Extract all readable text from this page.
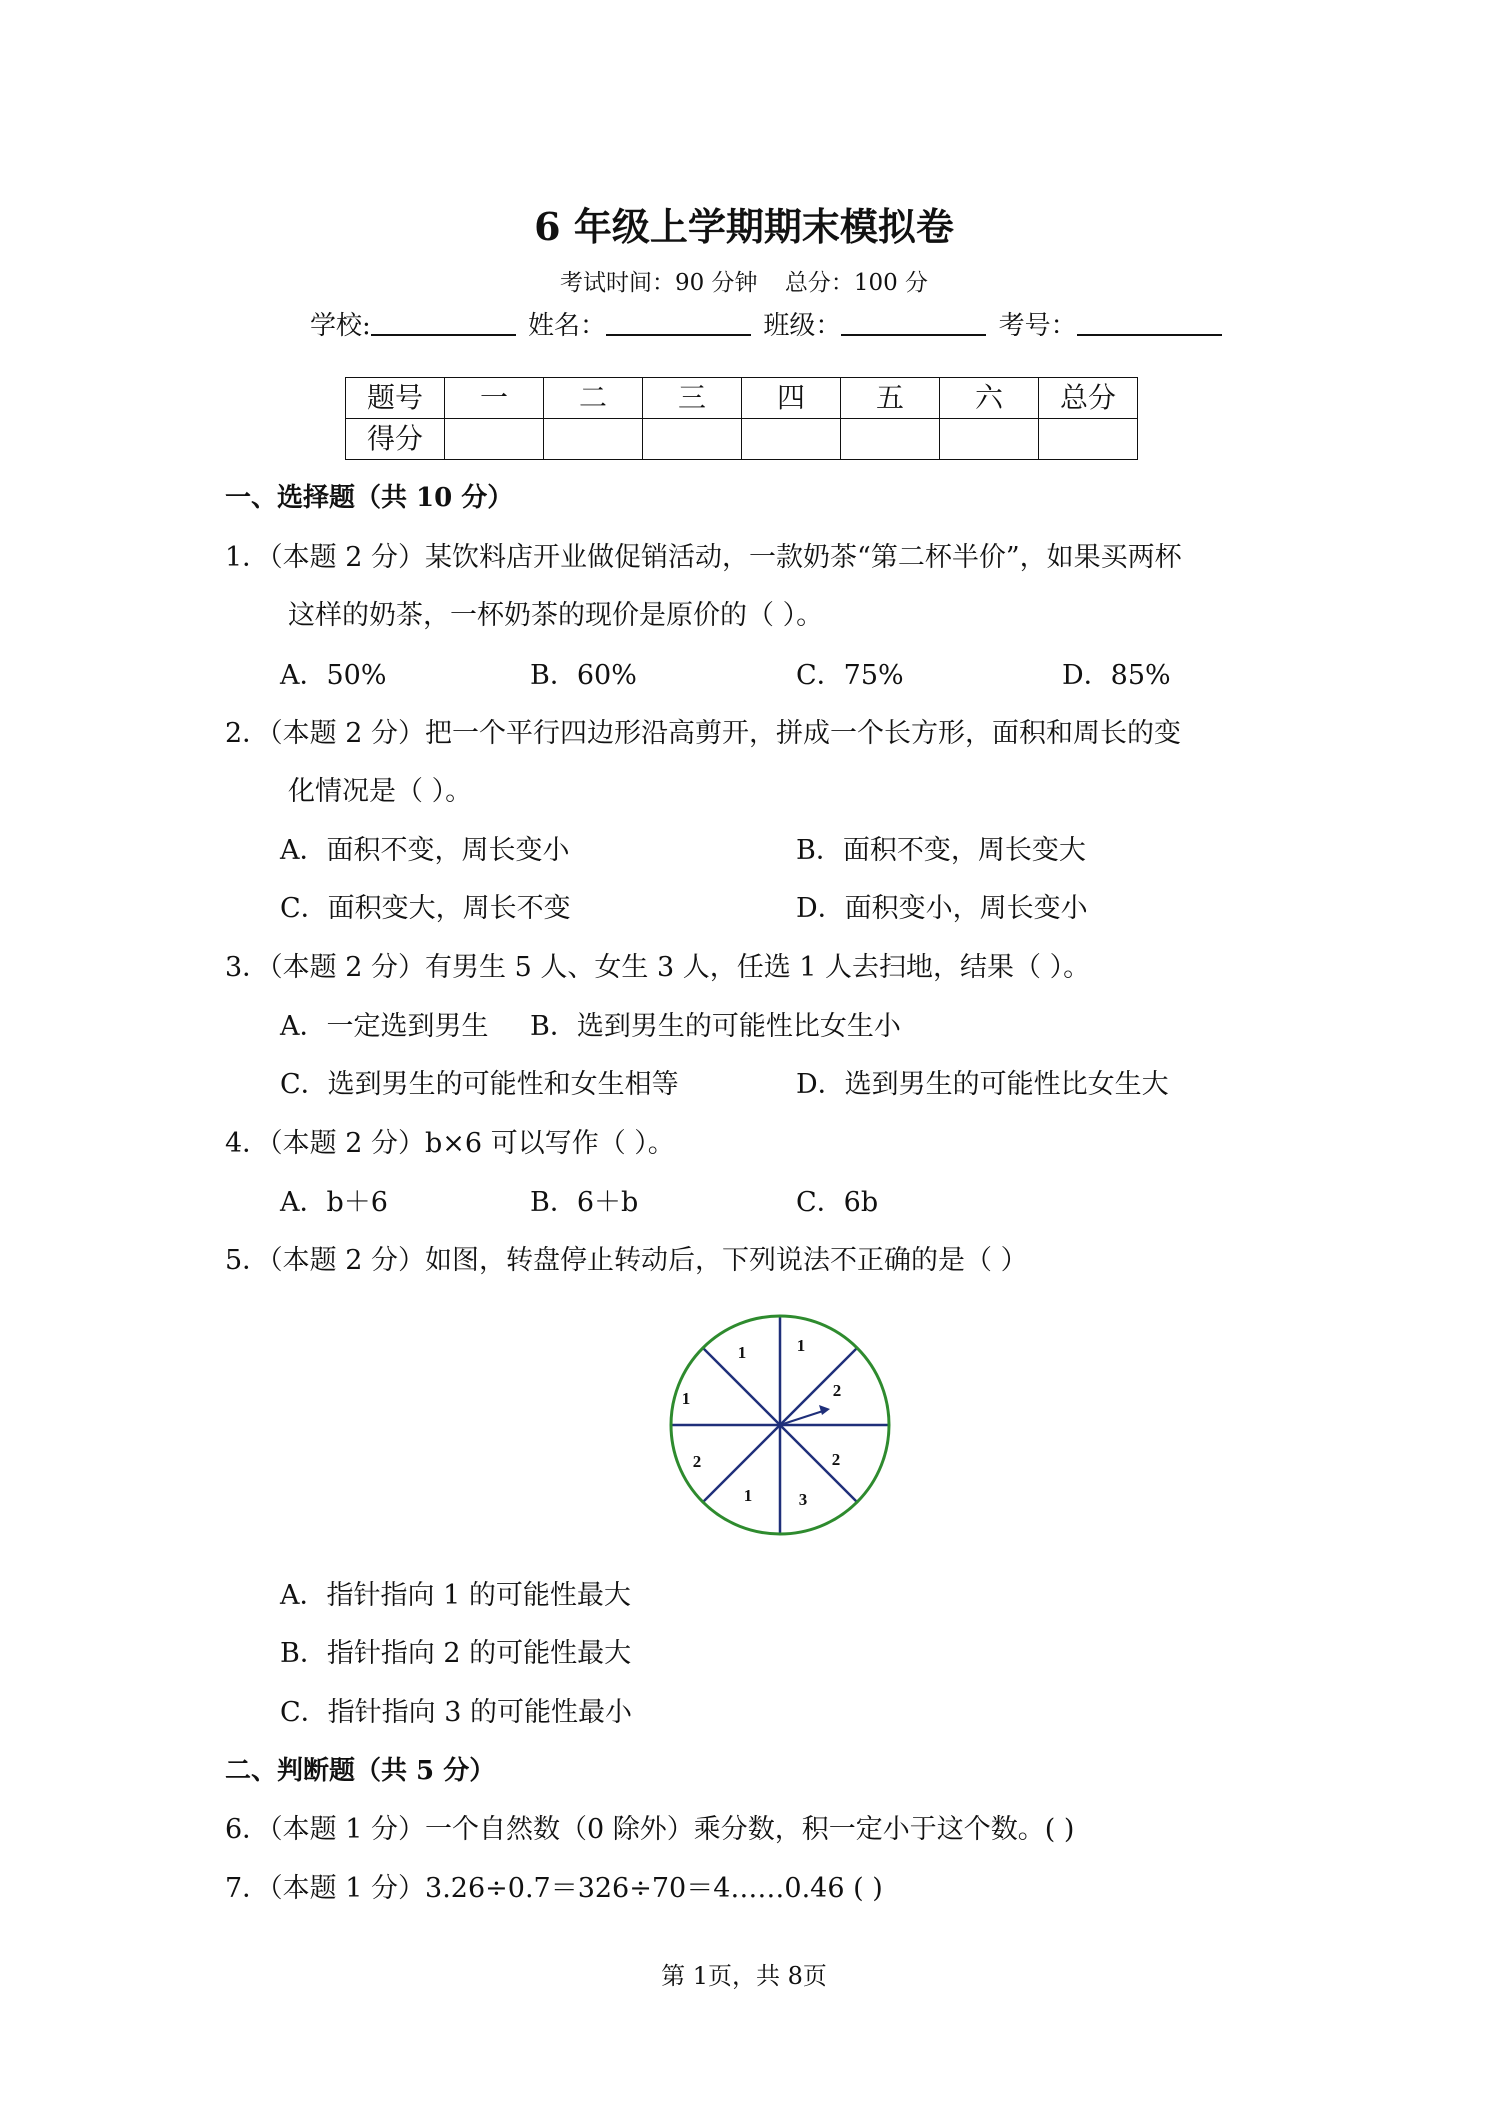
6 年级上学期期末模拟卷
考试时间：90 分钟 总分：100 分
学校:	姓名：	班级：	考号：
题号	一	二	三	四	五	六	总分
得分							
一、选择题（共 10 分）
1．（本题 2 分）某饮料店开业做促销活动，一款奶茶“第二杯半价”，如果买两杯
这样的奶茶，一杯奶茶的现价是原价的（ ）。
A．50%	B．60%	C．75%	D．85%
2．（本题 2 分）把一个平行四边形沿高剪开，拼成一个长方形，面积和周长的变
化情况是（ ）。
A．面积不变，周长变小	B．面积不变，周长变大
C．面积变大，周长不变	D．面积变小，周长变小
3．（本题 2 分）有男生 5 人、女生 3 人，任选 1 人去扫地，结果（ ）。
A．一定选到男生 B．选到男生的可能性比女生小
C．选到男生的可能性和女生相等	D．选到男生的可能性比女生大
4．（本题 2 分）b×6 可以写作（ ）。
A．b＋6	B．6＋b	C．6b
5．（本题 2 分）如图，转盘停止转动后，下列说法不正确的是（ ）
1	1
2
2
3
1
2
1
A．指针指向 1 的可能性最大
B．指针指向 2 的可能性最大
C．指针指向 3 的可能性最小
二、判断题（共 5 分）
6．（本题 1 分）一个自然数（0 除外）乘分数，积一定小于这个数。( )
7．（本题 1 分）3.26÷0.7＝326÷70＝4……0.46 ( )
第 1页，共 8页
